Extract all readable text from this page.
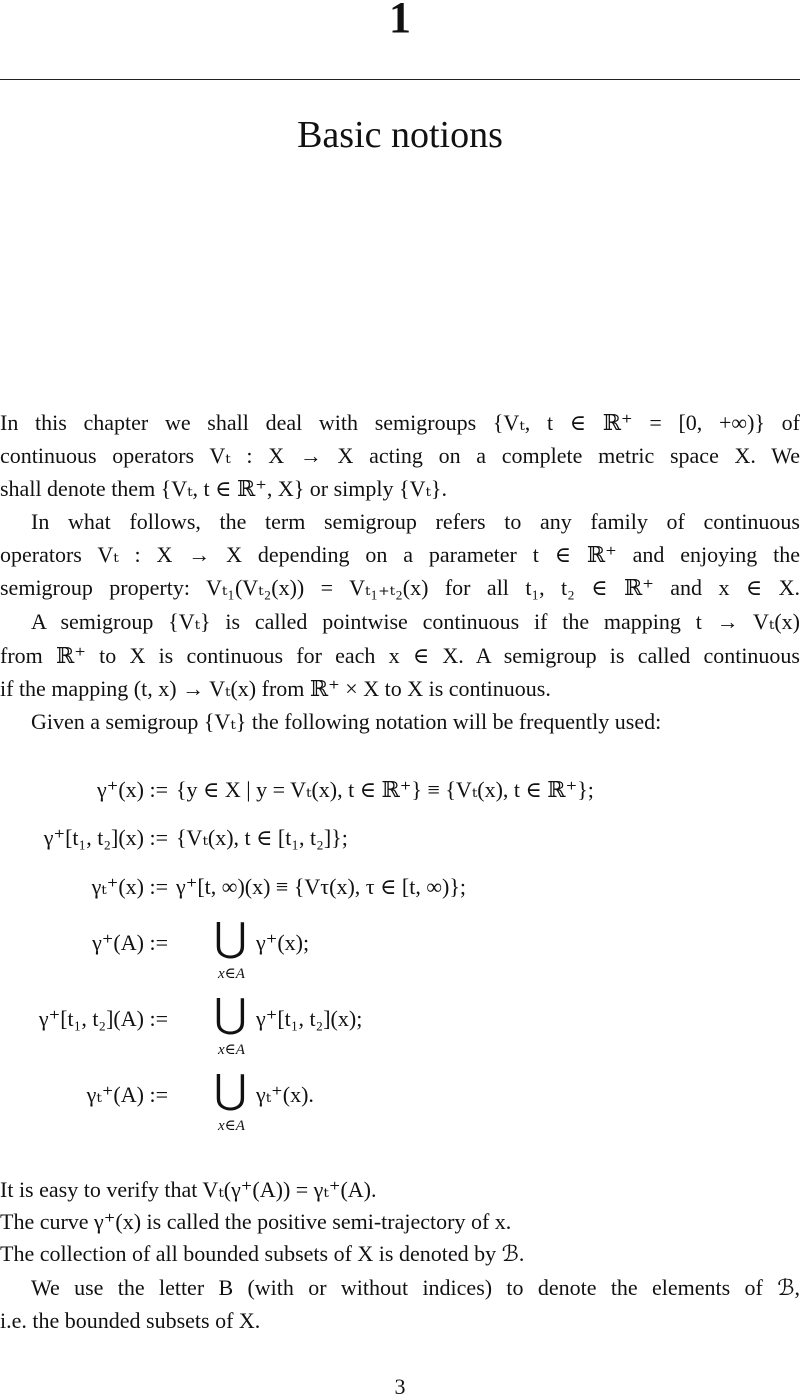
1
Basic notions
In this chapter we shall deal with semigroups {Vₜ, t ∈ ℝ⁺ = [0, +∞)} of
continuous operators Vₜ : X → X acting on a complete metric space X. We
shall denote them {Vₜ, t ∈ ℝ⁺, X} or simply {Vₜ}.
In what follows, the term semigroup refers to any family of continuous
operators Vₜ : X → X depending on a parameter t ∈ ℝ⁺ and enjoying the
semigroup property: Vₜ₁(Vₜ₂(x)) = Vₜ₁₊ₜ₂(x) for all t₁, t₂ ∈ ℝ⁺ and x ∈ X.
A semigroup {Vₜ} is called pointwise continuous if the mapping t → Vₜ(x)
from ℝ⁺ to X is continuous for each x ∈ X. A semigroup is called continuous
if the mapping (t, x) → Vₜ(x) from ℝ⁺ × X to X is continuous.
Given a semigroup {Vₜ} the following notation will be frequently used:
γ⁺(x) := {y ∈ X | y = Vₜ(x), t ∈ ℝ⁺} ≡ {Vₜ(x), t ∈ ℝ⁺};
γ⁺[t₁, t₂](x) := {Vₜ(x), t ∈ [t₁, t₂]};
γₜ⁺(x) := γ⁺[t, ∞)(x) ≡ {Vτ(x), τ ∈ [t, ∞)};
γ⁺(A) := ⋃
x∈A
γ⁺(x);
γ⁺[t₁, t₂](A) := ⋃
x∈A
γ⁺[t₁, t₂](x);
γₜ⁺(A) := ⋃
x∈A
γₜ⁺(x).
It is easy to verify that Vₜ(γ⁺(A)) = γₜ⁺(A).
The curve γ⁺(x) is called the positive semi-trajectory of x.
The collection of all bounded subsets of X is denoted by ℬ.
We use the letter B (with or without indices) to denote the elements of ℬ,
i.e. the bounded subsets of X.
3
